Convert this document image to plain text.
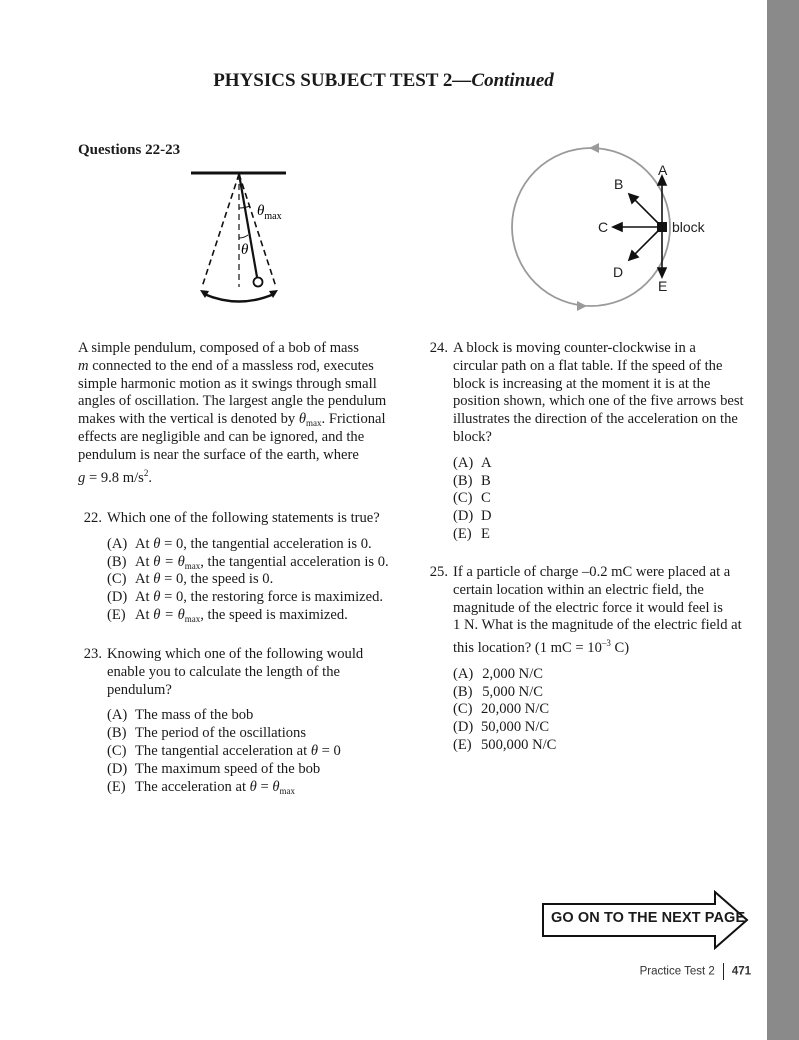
PHYSICS SUBJECT TEST 2—Continued
Questions 22-23
$\theta_{max}$
θ
A
B
C
D
E
block
A simple pendulum, composed of a bob of mass
m connected to the end of a massless rod, executes
simple harmonic motion as it swings through small
angles of oscillation. The largest angle the pendulum
makes with the vertical is denoted by $\theta_{max}$. Frictional
effects are negligible and can be ignored, and the
pendulum is near the surface of the earth, where
g = 9.8 $m/s^2$.
22. Which one of the following statements is true?
(A) At θ = 0, the tangential acceleration is 0.
(B) At $\theta = \theta_{max}$, the tangential acceleration is 0.
(C) At θ = 0, the speed is 0.
(D) At θ = 0, the restoring force is maximized.
(E) At $\theta = \theta_{max}$, the speed is maximized.
23. Knowing which one of the following would
enable you to calculate the length of the
pendulum?
(A) The mass of the bob
(B) The period of the oscillations
(C) The tangential acceleration at θ = 0
(D) The maximum speed of the bob
(E) The acceleration at $\theta = \theta_{max}$
24. A block is moving counter-clockwise in a
circular path on a flat table. If the speed of the
block is increasing at the moment it is at the
position shown, which one of the five arrows best
illustrates the direction of the acceleration on the
block?
(A) A
(B) B
(C) C
(D) D
(E) E
25. If a particle of charge –0.2 mC were placed at a
certain location within an electric field, the
magnitude of the electric force it would feel is
1 N. What is the magnitude of the electric field at
this location? (1 mC = $10^{-3}$ C)
(A) 2,000 N/C
(B) 5,000 N/C
(C) 20,000 N/C
(D) 50,000 N/C
(E) 500,000 N/C
GO ON TO THE NEXT PAGE
Practice Test 2 471
